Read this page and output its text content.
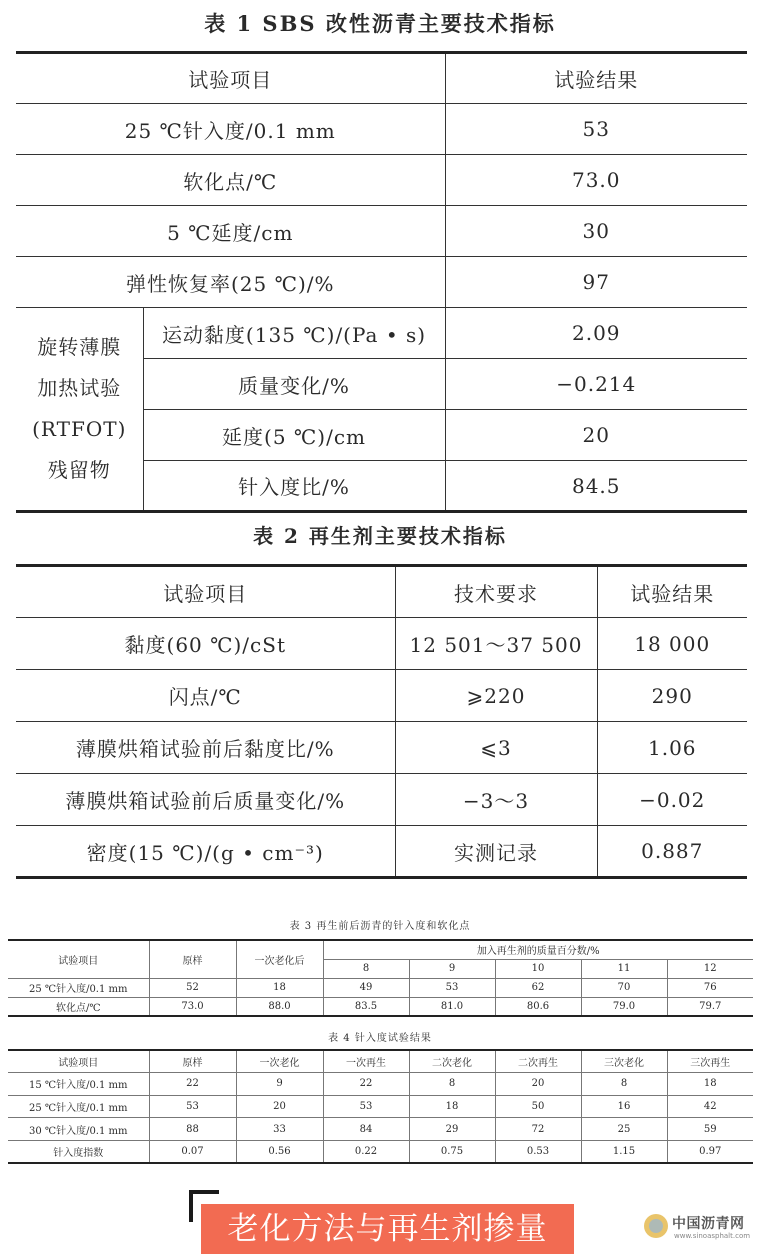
表 1 SBS 改性沥青主要技术指标
试验项目		试验结果
25 ℃针入度/0.1 mm		53
软化点/℃		73.0
5 ℃延度/cm		30
弹性恢复率(25 ℃)/%		97

旋转薄膜
加热试验
(RTFOT)
残留物	运动黏度(135 ℃)/(Pa • s)	2.09
	质量变化/%	−0.214
	延度(5 ℃)/cm	20
	针入度比/%	84.5
表 2 再生剂主要技术指标
试验项目	技术要求	试验结果
黏度(60 ℃)/cSt	12 501～37 500	18 000
闪点/℃	⩾220	290
薄膜烘箱试验前后黏度比/%	⩽3	1.06
薄膜烘箱试验前后质量变化/%	−3～3	−0.02
密度(15 ℃)/(g • cm⁻³)	实测记录	0.887
表 3 再生前后沥青的针入度和软化点
试验项目	原样	一次老化后	加入再生剂的质量百分数/%				
			8	9	10	11	12
25 ℃针入度/0.1 mm	52	18	49	53	62	70	76
软化点/℃	73.0	88.0	83.5	81.0	80.6	79.0	79.7
表 4 针入度试验结果
试验项目	原样	一次老化	一次再生	二次老化	二次再生	三次老化	三次再生
15 ℃针入度/0.1 mm	22	9	22	8	20	8	18
25 ℃针入度/0.1 mm	53	20	53	18	50	16	42
30 ℃针入度/0.1 mm	88	33	84	29	72	25	59
针入度指数	0.07	0.56	0.22	0.75	0.53	1.15	0.97
老化方法与再生剂掺量	中国沥青网
www.sinoasphalt.com
